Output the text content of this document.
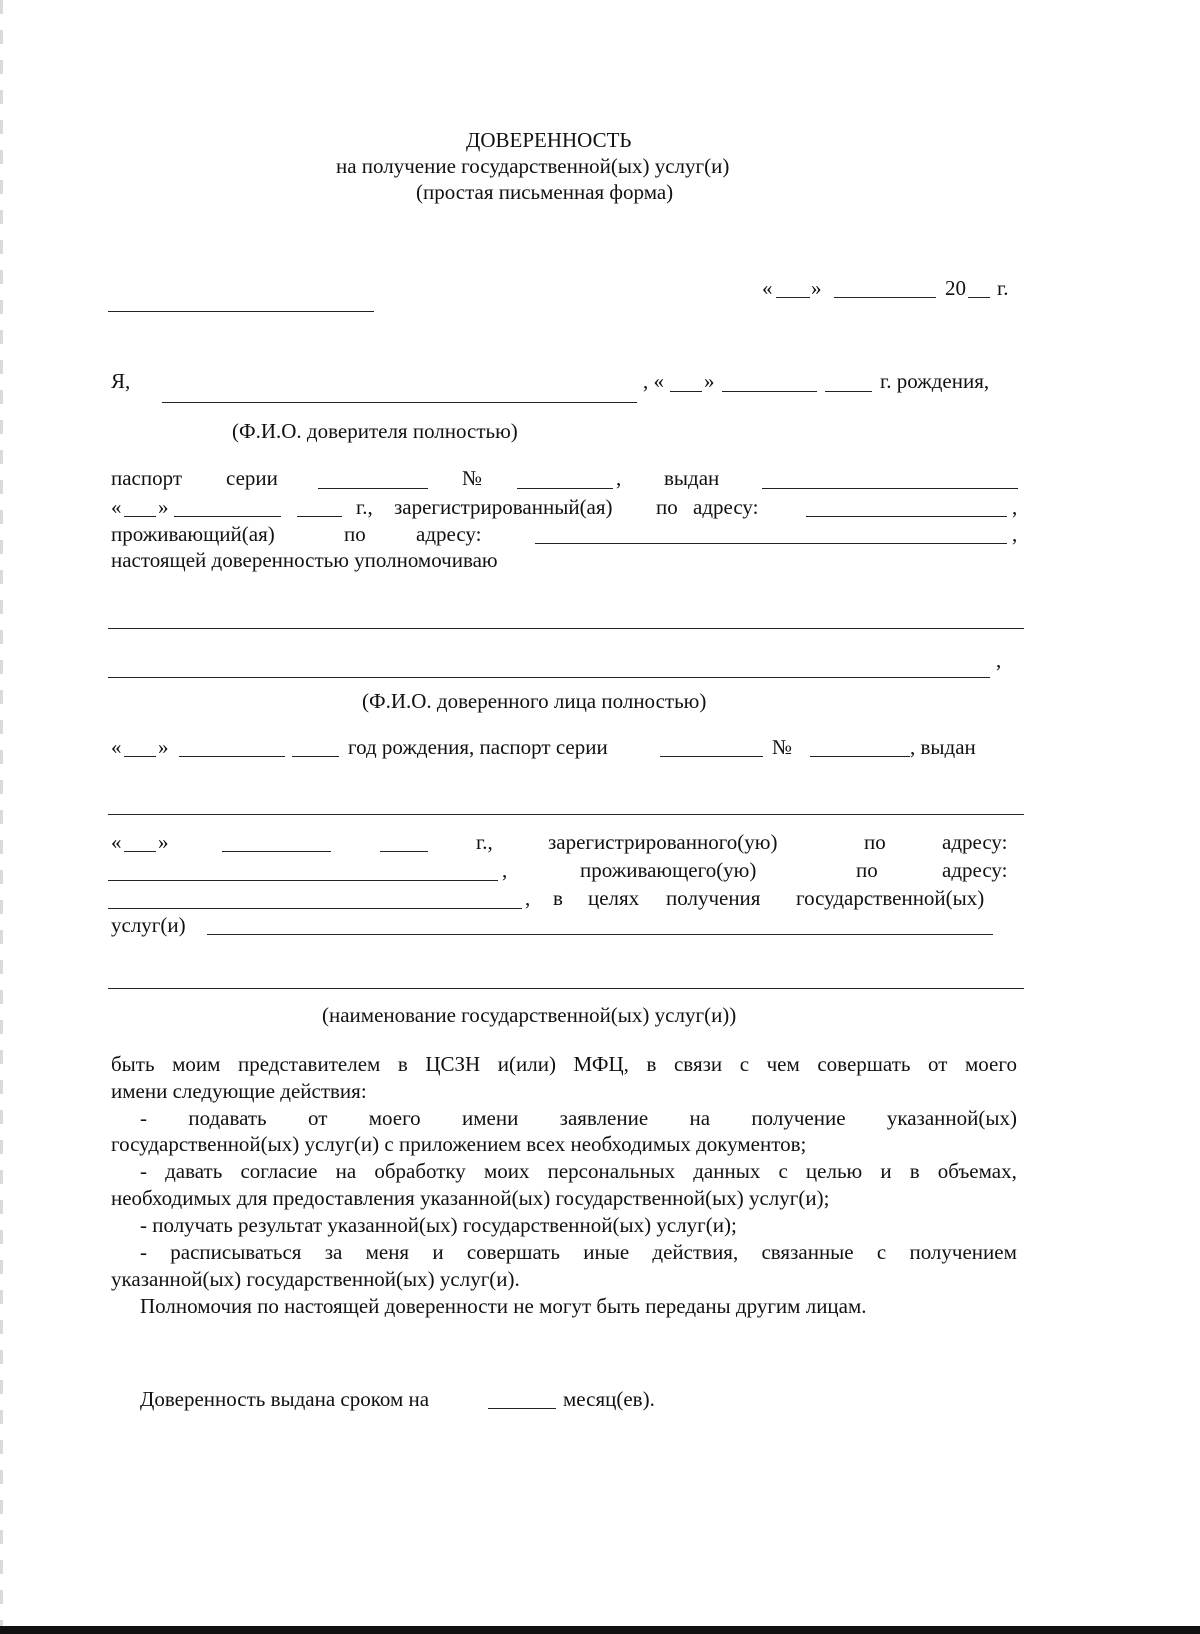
ДОВЕРЕННОСТЬ
на получение государственной(ых) услуг(и)
(простая письменная форма)
« »	20 г.
Я,	, « »	г. рождения,
(Ф.И.О. доверителя полностью)
паспорт серии	№	, выдан
« »	г., зарегистрированный(ая) по адресу:	,
проживающий(ая)	по адресу:	,
настоящей доверенностью уполномочиваю
,
(Ф.И.О. доверенного лица полностью)
« »	год рождения, паспорт серии	№	, выдан
« »	г.,	зарегистрированного(ую)	по	адресу:
,	проживающего(ую)	по	адресу:
, в целях получения государственной(ых)
услуг(и)
(наименование государственной(ых) услуг(и))
быть моим представителем в ЦСЗН и(или) МФЦ, в связи с чем совершать от моего
имени следующие действия:
- подавать от моего имени заявление на получение указанной(ых)
государственной(ых) услуг(и) с приложением всех необходимых документов;
- давать согласие на обработку моих персональных данных с целью и в объемах,
необходимых для предоставления указанной(ых) государственной(ых) услуг(и);
- получать результат указанной(ых) государственной(ых) услуг(и);
- расписываться за меня и совершать иные действия, связанные с получением
указанной(ых) государственной(ых) услуг(и).
Полномочия по настоящей доверенности не могут быть переданы другим лицам.
Доверенность выдана сроком на	месяц(ев).
